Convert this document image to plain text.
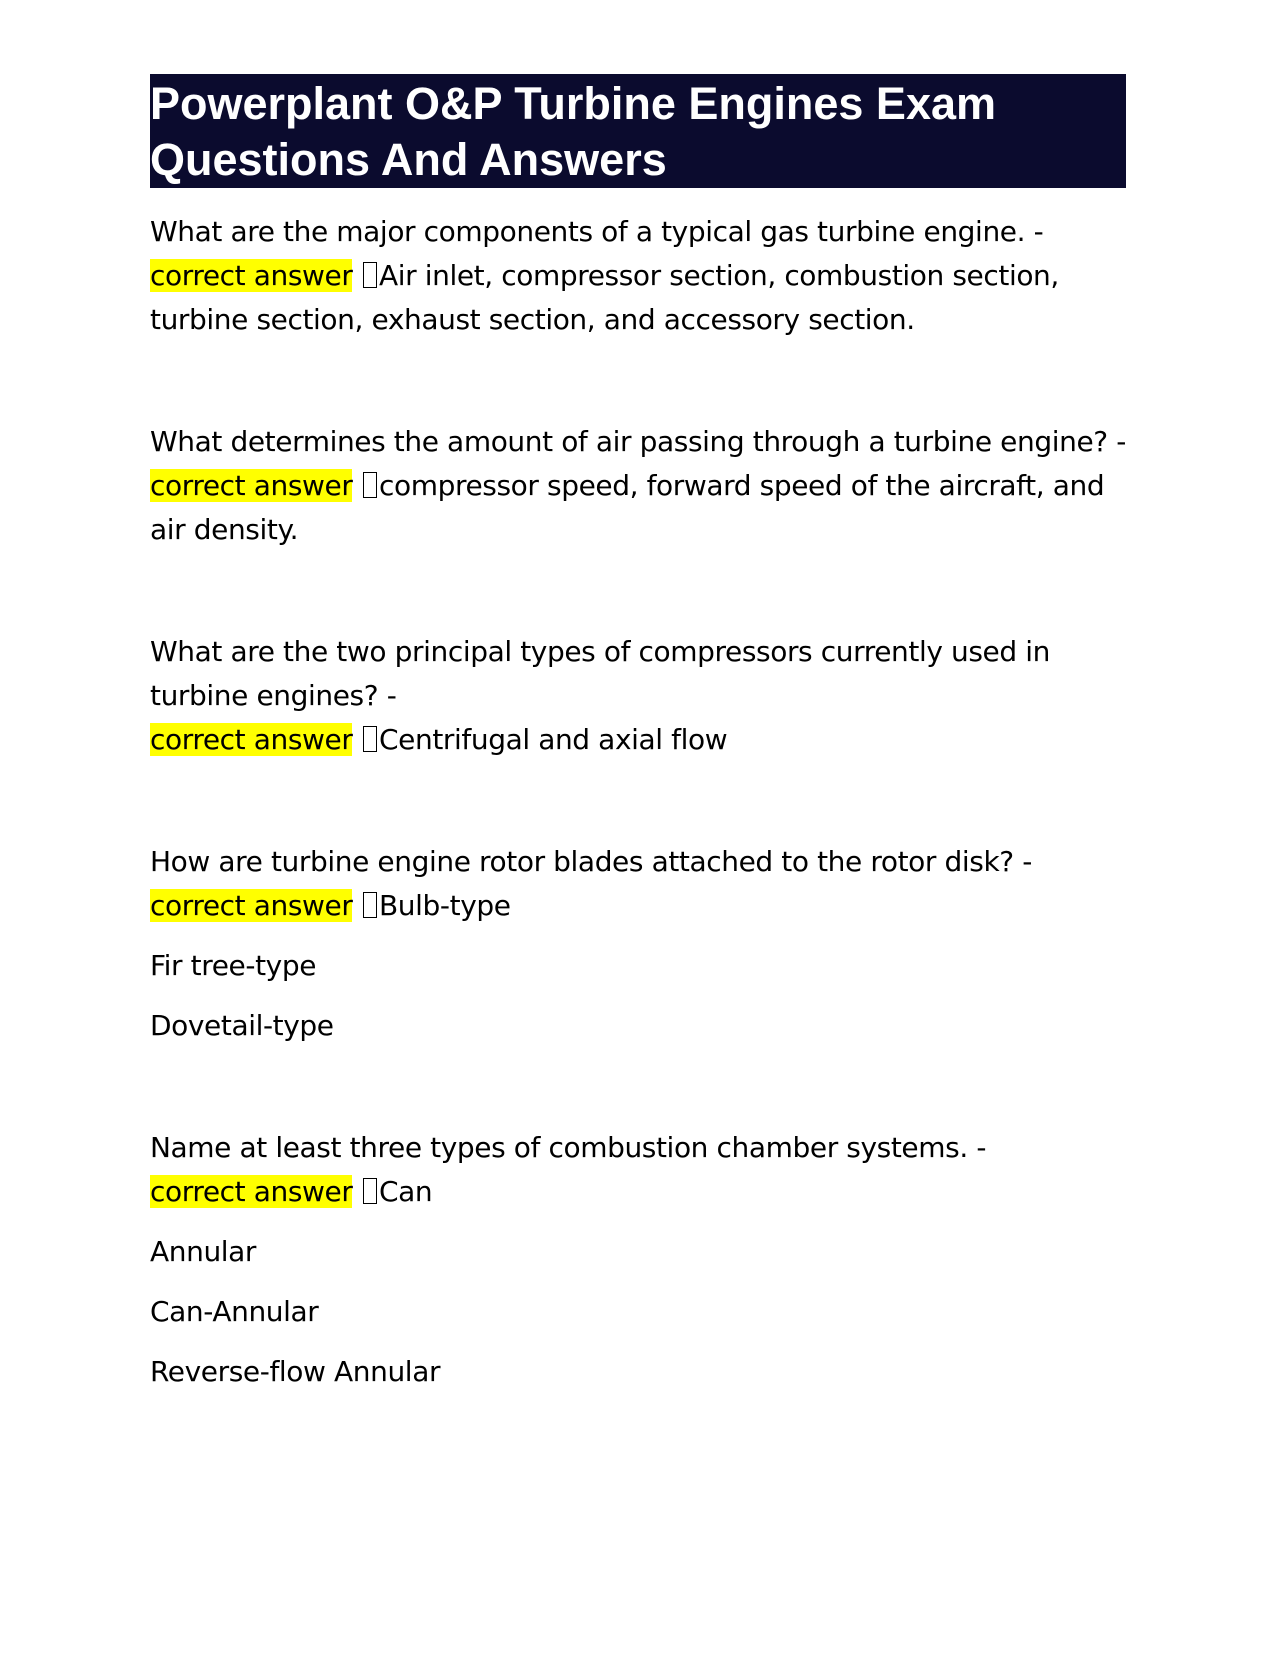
Powerplant O&P Turbine Engines Exam Questions And Answers

What are the major components of a typical gas turbine engine. -
correct answer Air inlet, compressor section, combustion section, turbine section, exhaust section, and accessory section.

What determines the amount of air passing through a turbine engine? -
correct answer compressor speed, forward speed of the aircraft, and air density.

What are the two principal types of compressors currently used in turbine engines? -
correct answer Centrifugal and axial flow

How are turbine engine rotor blades attached to the rotor disk? -
correct answer Bulb-type

Fir tree-type

Dovetail-type

Name at least three types of combustion chamber systems. -
correct answer Can

Annular

Can-Annular

Reverse-flow Annular
